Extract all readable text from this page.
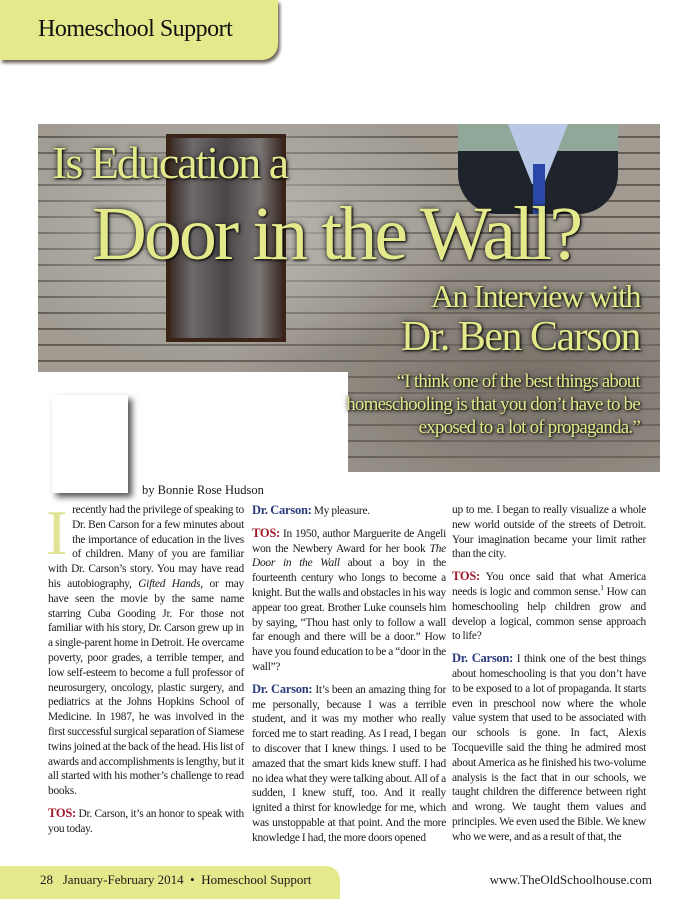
Homeschool Support
Is Education a
Door in the Wall?
An Interview with
Dr. Ben Carson
“I think one of the best things about homeschooling is that you don’t have to be exposed to a lot of propaganda.”
by Bonnie Rose Hudson

Irecently had the privilege of speaking to Dr. Ben Carson for a few minutes about the importance of education in the lives of children. Many of you are familiar with Dr. Carson’s story. You may have read his autobiography, Gifted Hands, or may have seen the movie by the same name starring Cuba Gooding Jr. For those not familiar with his story, Dr. Carson grew up in a single-parent home in Detroit. He overcame poverty, poor grades, a terrible temper, and low self-esteem to become a full professor of neurosurgery, oncology, plastic surgery, and pediatrics at the Johns Hopkins School of Medicine. In 1987, he was involved in the first successful surgical separation of Siamese twins joined at the back of the head. His list of awards and accomplishments is lengthy, but it all started with his mother’s challenge to read books.

TOS: Dr. Carson, it’s an honor to speak with you today.

Dr. Carson: My pleasure.

TOS: In 1950, author Marguerite de Angeli won the Newbery Award for her book The Door in the Wall about a boy in the fourteenth century who longs to become a knight. But the walls and obstacles in his way appear too great. Brother Luke counsels him by saying, “Thou hast only to follow a wall far enough and there will be a door.” How have you found education to be a “door in the wall”?

Dr. Carson: It’s been an amazing thing for me personally, because I was a terrible student, and it was my mother who really forced me to start reading. As I read, I began to discover that I knew things. I used to be amazed that the smart kids knew stuff. I had no idea what they were talking about. All of a sudden, I knew stuff, too. And it really ignited a thirst for knowledge for me, which was unstoppable at that point. And the more knowledge I had, the more doors opened

up to me. I began to really visualize a whole new world outside of the streets of Detroit. Your imagination became your limit rather than the city.

TOS: You once said that what America needs is logic and common sense.$^1$ How can homeschooling help children grow and develop a logical, common sense approach to life?

Dr. Carson: I think one of the best things about homeschooling is that you don’t have to be exposed to a lot of propaganda. It starts even in preschool now where the whole value system that used to be associated with our schools is gone. In fact, Alexis Tocqueville said the thing he admired most about America as he finished his two-volume analysis is the fact that in our schools, we taught children the difference between right and wrong. We taught them values and principles. We even used the Bible. We knew who we were, and as a result of that, the

28   January-February 2014  •  Homeschool Support	www.TheOldSchoolhouse.com
